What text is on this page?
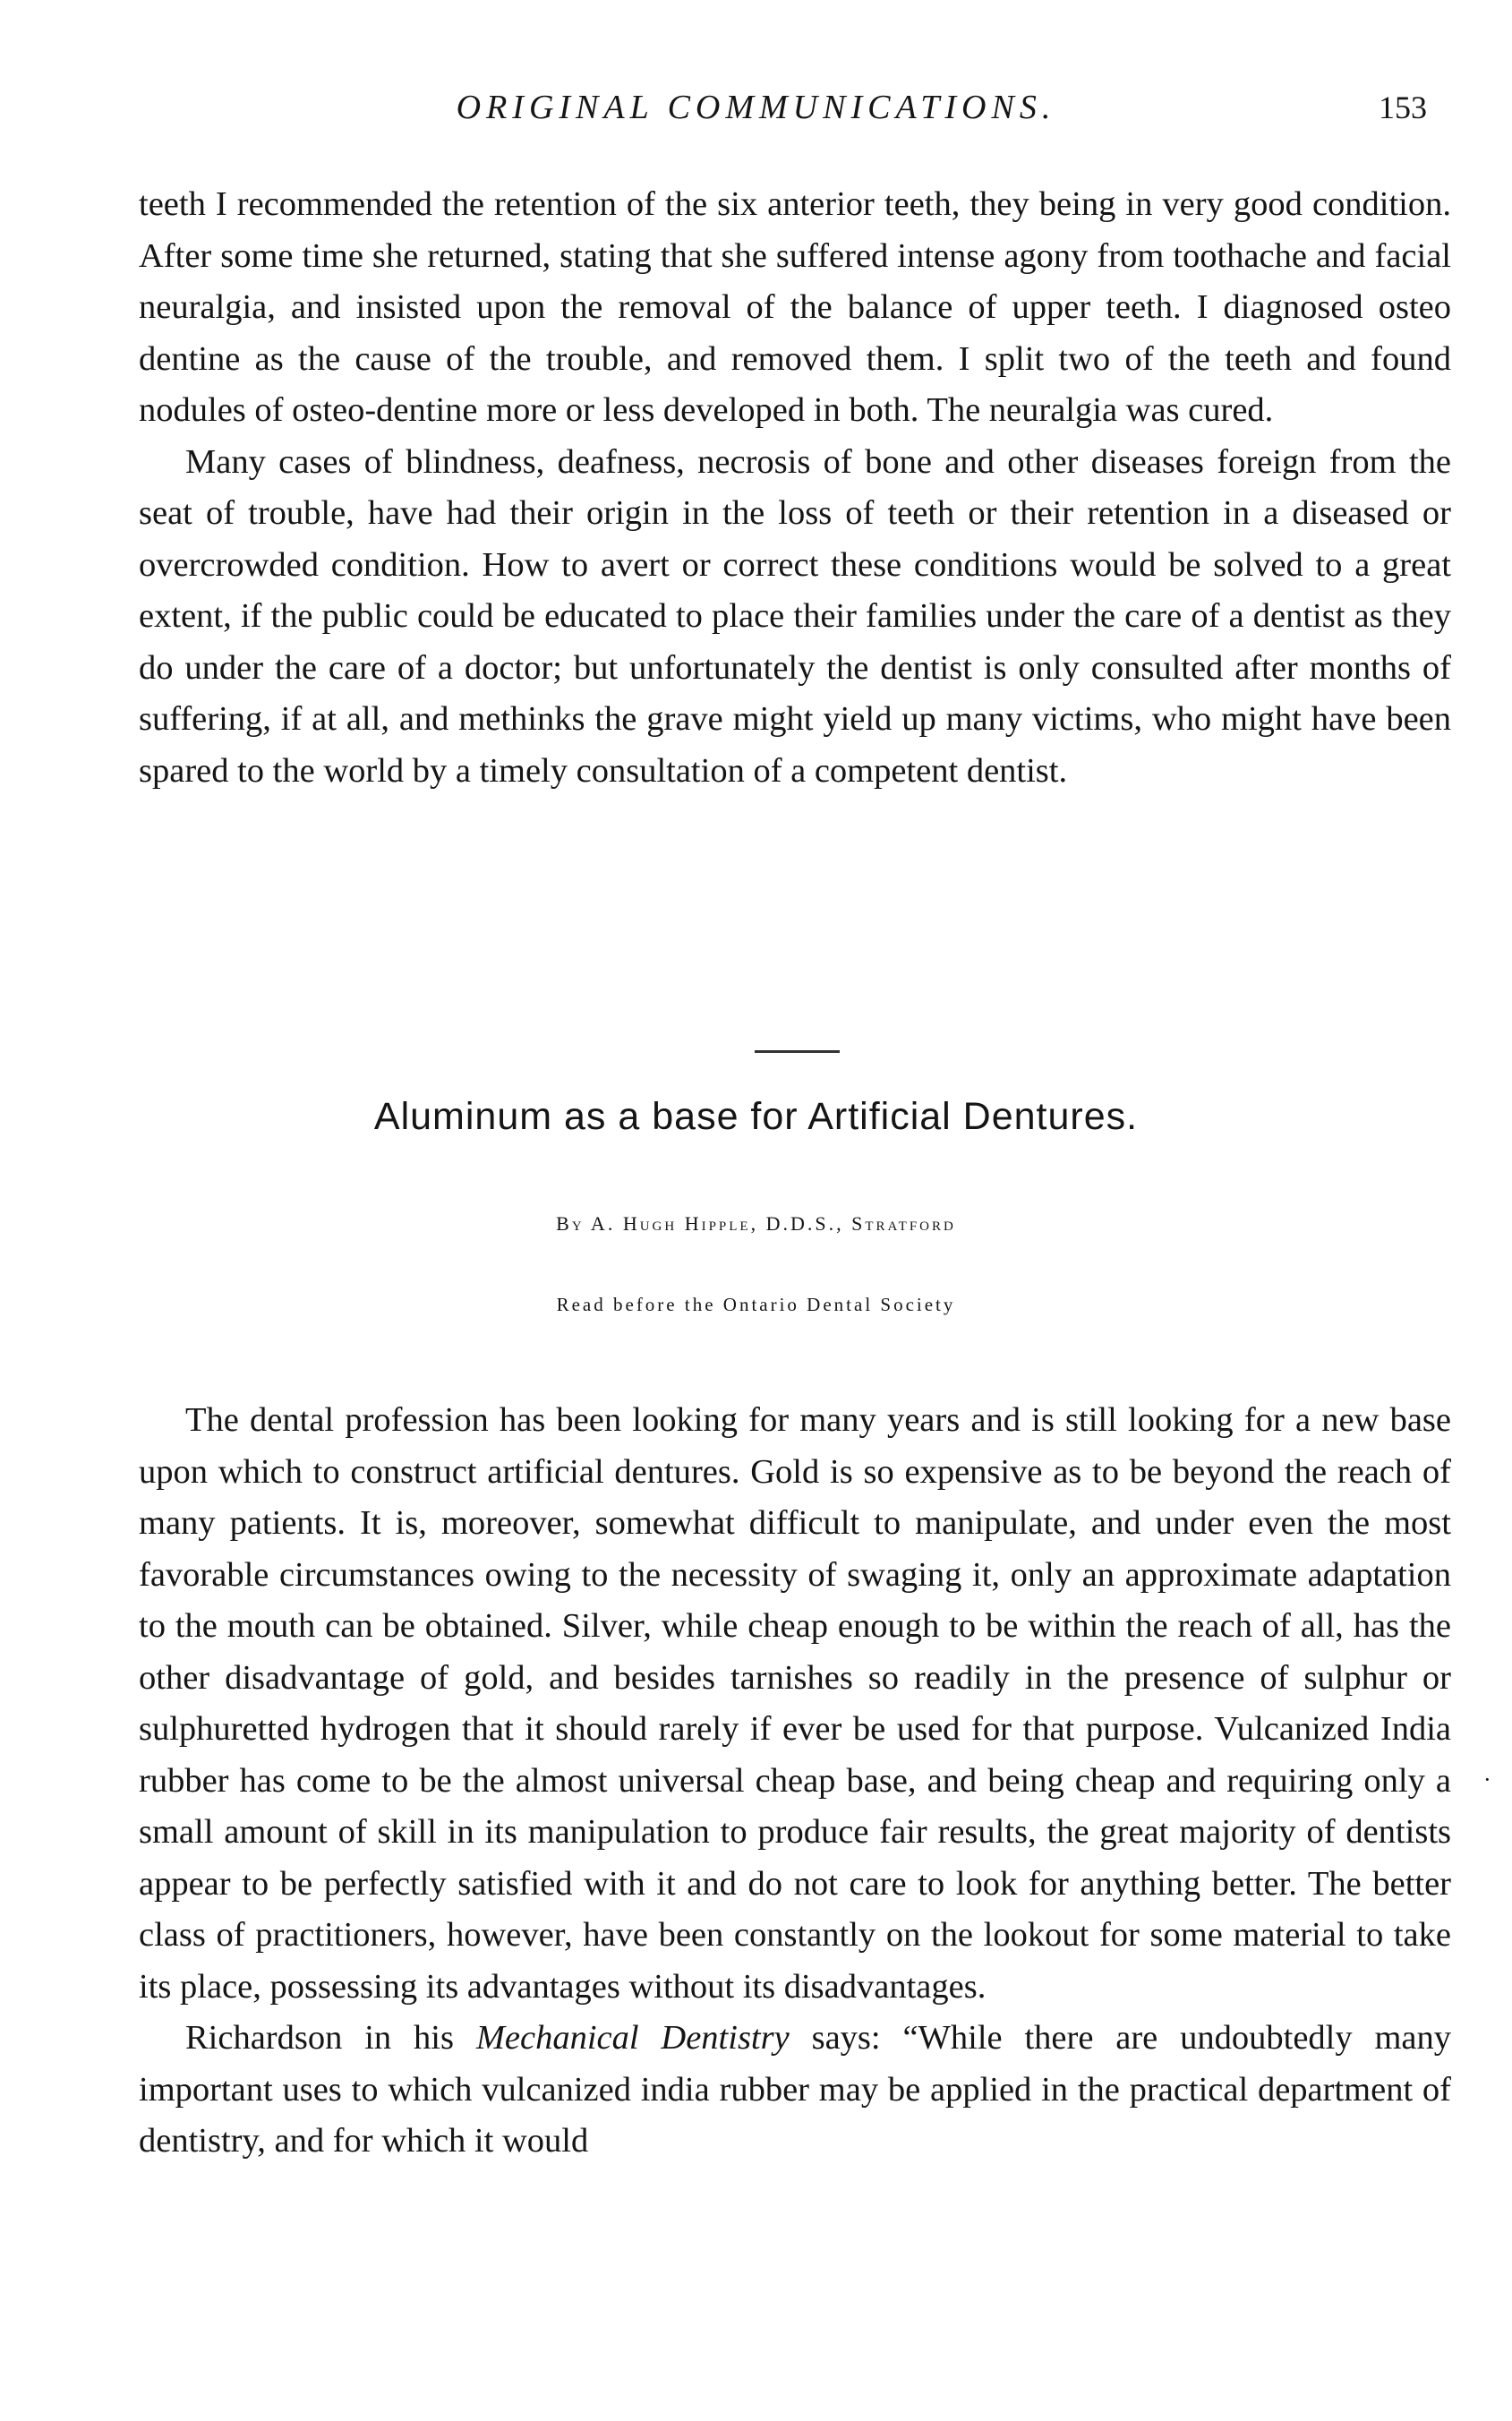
ORIGINAL COMMUNICATIONS.	153

teeth I recommended the retention of the six anterior teeth, they being in very good condition. After some time she returned, stating that she suffered intense agony from toothache and facial neuralgia, and insisted upon the removal of the balance of upper teeth. I diagnosed osteo dentine as the cause of the trouble, and removed them. I split two of the teeth and found nodules of osteo-dentine more or less developed in both. The neuralgia was cured.

Many cases of blindness, deafness, necrosis of bone and other diseases foreign from the seat of trouble, have had their origin in the loss of teeth or their retention in a diseased or overcrowded condition. How to avert or correct these conditions would be solved to a great extent, if the public could be educated to place their families under the care of a dentist as they do under the care of a doctor; but unfortunately the dentist is only consulted after months of suffering, if at all, and methinks the grave might yield up many victims, who might have been spared to the world by a timely consultation of a competent dentist.

Aluminum as a base for Artificial Dentures.
By A. Hugh Hipple, D.D.S., Stratford
Read before the Ontario Dental Society

The dental profession has been looking for many years and is still looking for a new base upon which to construct artificial dentures. Gold is so expensive as to be beyond the reach of many patients. It is, moreover, somewhat difficult to manipulate, and under even the most favorable circumstances owing to the necessity of swaging it, only an approximate adaptation to the mouth can be obtained. Silver, while cheap enough to be within the reach of all, has the other disadvantage of gold, and besides tarnishes so readily in the presence of sulphur or sulphuretted hydrogen that it should rarely if ever be used for that purpose. Vulcanized India rubber has come to be the almost universal cheap base, and being cheap and requiring only a small amount of skill in its manipulation to produce fair results, the great majority of dentists appear to be perfectly satisfied with it and do not care to look for anything better. The better class of practitioners, however, have been constantly on the lookout for some material to take its place, possessing its advantages without its disadvantages.

Richardson in his Mechanical Dentistry says: “While there are undoubtedly many important uses to which vulcanized india rubber may be applied in the practical department of dentistry, and for which it would

·
